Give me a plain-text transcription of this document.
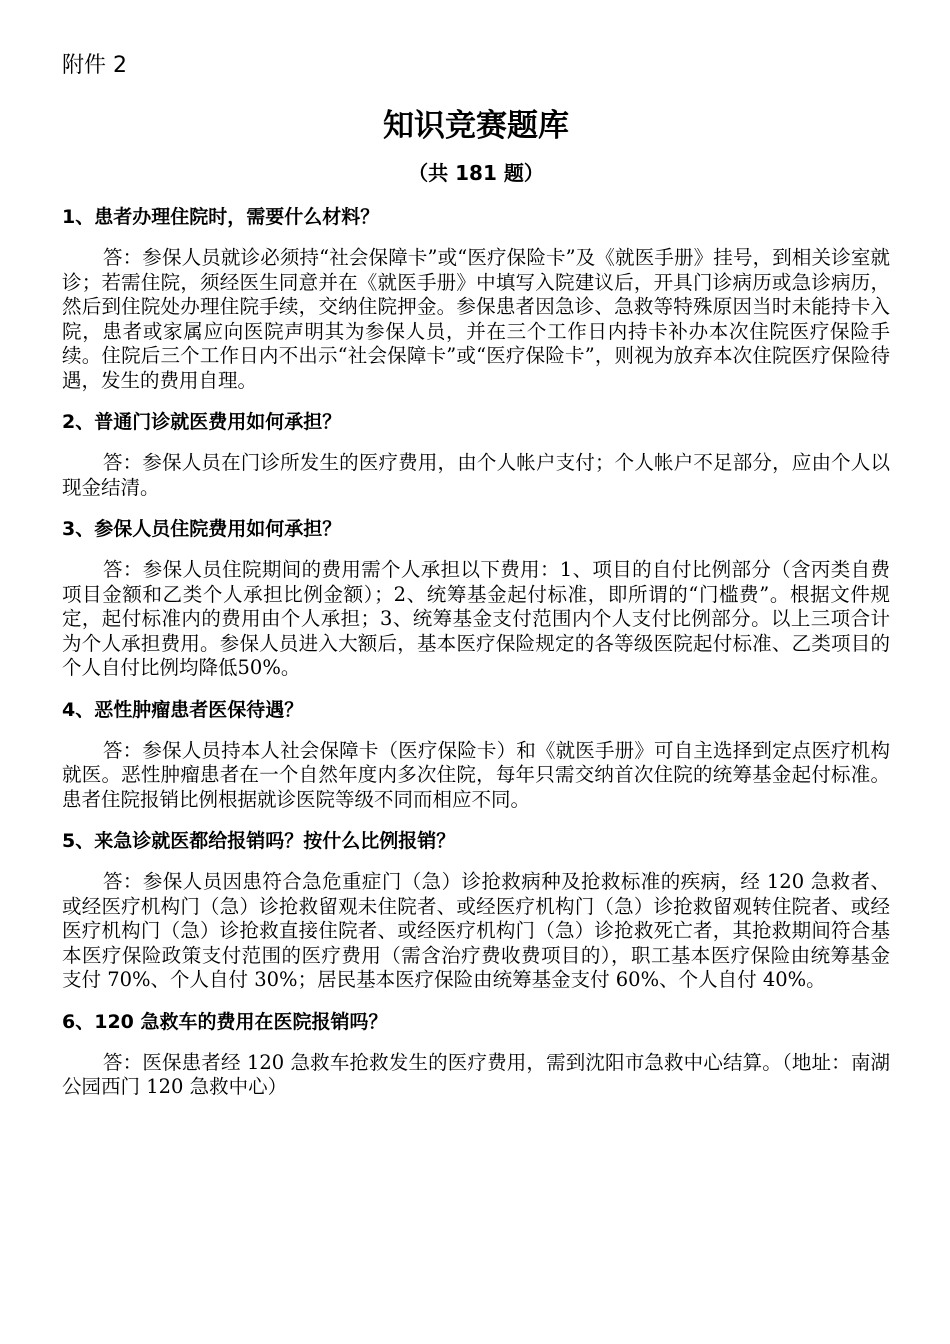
附件 2

知识竞赛题库

（共 181 题）

1、患者办理住院时，需要什么材料？

答：参保人员就诊必须持“社会保障卡”或“医疗保险卡”及《就医手册》挂号，到相关诊室就诊；若需住院，须经医生同意并在《就医手册》中填写入院建议后，开具门诊病历或急诊病历，然后到住院处办理住院手续，交纳住院押金。参保患者因急诊、急救等特殊原因当时未能持卡入院，患者或家属应向医院声明其为参保人员，并在三个工作日内持卡补办本次住院医疗保险手续。住院后三个工作日内不出示“社会保障卡”或“医疗保险卡”，则视为放弃本次住院医疗保险待遇，发生的费用自理。

2、普通门诊就医费用如何承担？

答：参保人员在门诊所发生的医疗费用，由个人帐户支付；个人帐户不足部分，应由个人以现金结清。

3、参保人员住院费用如何承担？

答：参保人员住院期间的费用需个人承担以下费用：1、项目的自付比例部分（含丙类自费项目金额和乙类个人承担比例金额）；2、统筹基金起付标准，即所谓的“门槛费”。根据文件规定，起付标准内的费用由个人承担；3、统筹基金支付范围内个人支付比例部分。以上三项合计为个人承担费用。参保人员进入大额后，基本医疗保险规定的各等级医院起付标准、乙类项目的个人自付比例均降低50%。

4、恶性肿瘤患者医保待遇？

答：参保人员持本人社会保障卡（医疗保险卡）和《就医手册》可自主选择到定点医疗机构就医。恶性肿瘤患者在一个自然年度内多次住院，每年只需交纳首次住院的统筹基金起付标准。患者住院报销比例根据就诊医院等级不同而相应不同。

5、来急诊就医都给报销吗？按什么比例报销？

答：参保人员因患符合急危重症门（急）诊抢救病种及抢救标准的疾病，经 120 急救者、或经医疗机构门（急）诊抢救留观未住院者、或经医疗机构门（急）诊抢救留观转住院者、或经医疗机构门（急）诊抢救直接住院者、或经医疗机构门（急）诊抢救死亡者，其抢救期间符合基本医疗保险政策支付范围的医疗费用（需含治疗费收费项目的），职工基本医疗保险由统筹基金支付 70%、个人自付 30%；居民基本医疗保险由统筹基金支付 60%、个人自付 40%。

6、120 急救车的费用在医院报销吗？

答：医保患者经 120 急救车抢救发生的医疗费用，需到沈阳市急救中心结算。（地址：南湖公园西门 120 急救中心）
